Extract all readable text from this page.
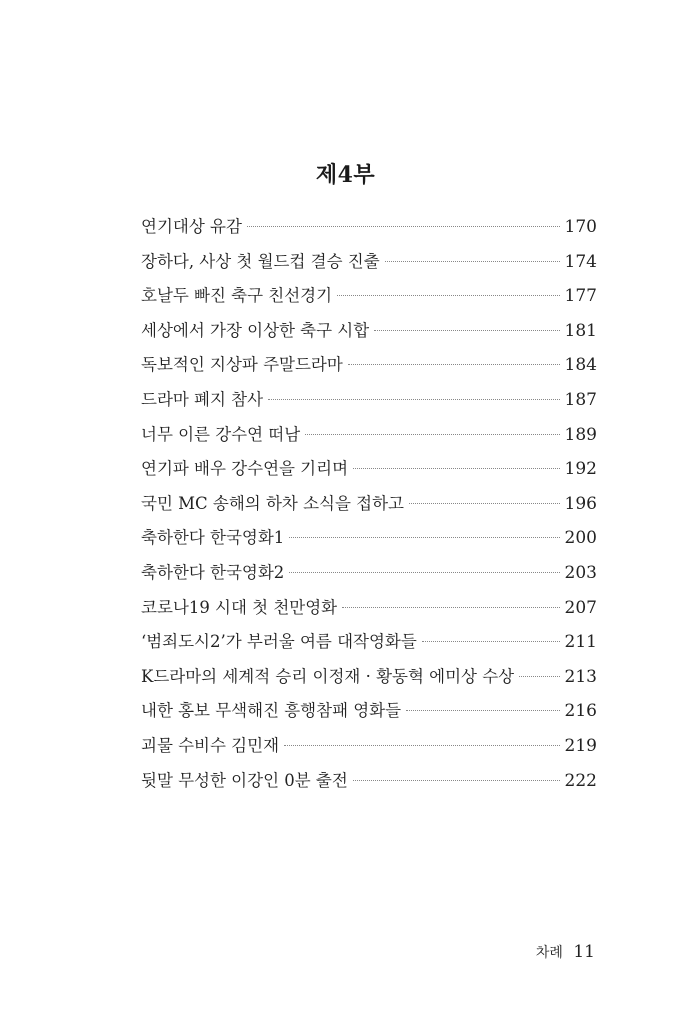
제4부
연기대상 유감	170
장하다, 사상 첫 월드컵 결승 진출	174
호날두 빠진 축구 친선경기	177
세상에서 가장 이상한 축구 시합	181
독보적인 지상파 주말드라마	184
드라마 폐지 참사	187
너무 이른 강수연 떠남	189
연기파 배우 강수연을 기리며	192
국민 MC 송해의 하차 소식을 접하고	196
축하한다 한국영화1	200
축하한다 한국영화2	203
코로나19 시대 첫 천만영화	207
‘범죄도시2’가 부러울 여름 대작영화들	211
K드라마의 세계적 승리 이정재 · 황동혁 에미상 수상	213
내한 홍보 무색해진 흥행참패 영화들	216
괴물 수비수 김민재	219
뒷말 무성한 이강인 0분 출전	222
차례 11
